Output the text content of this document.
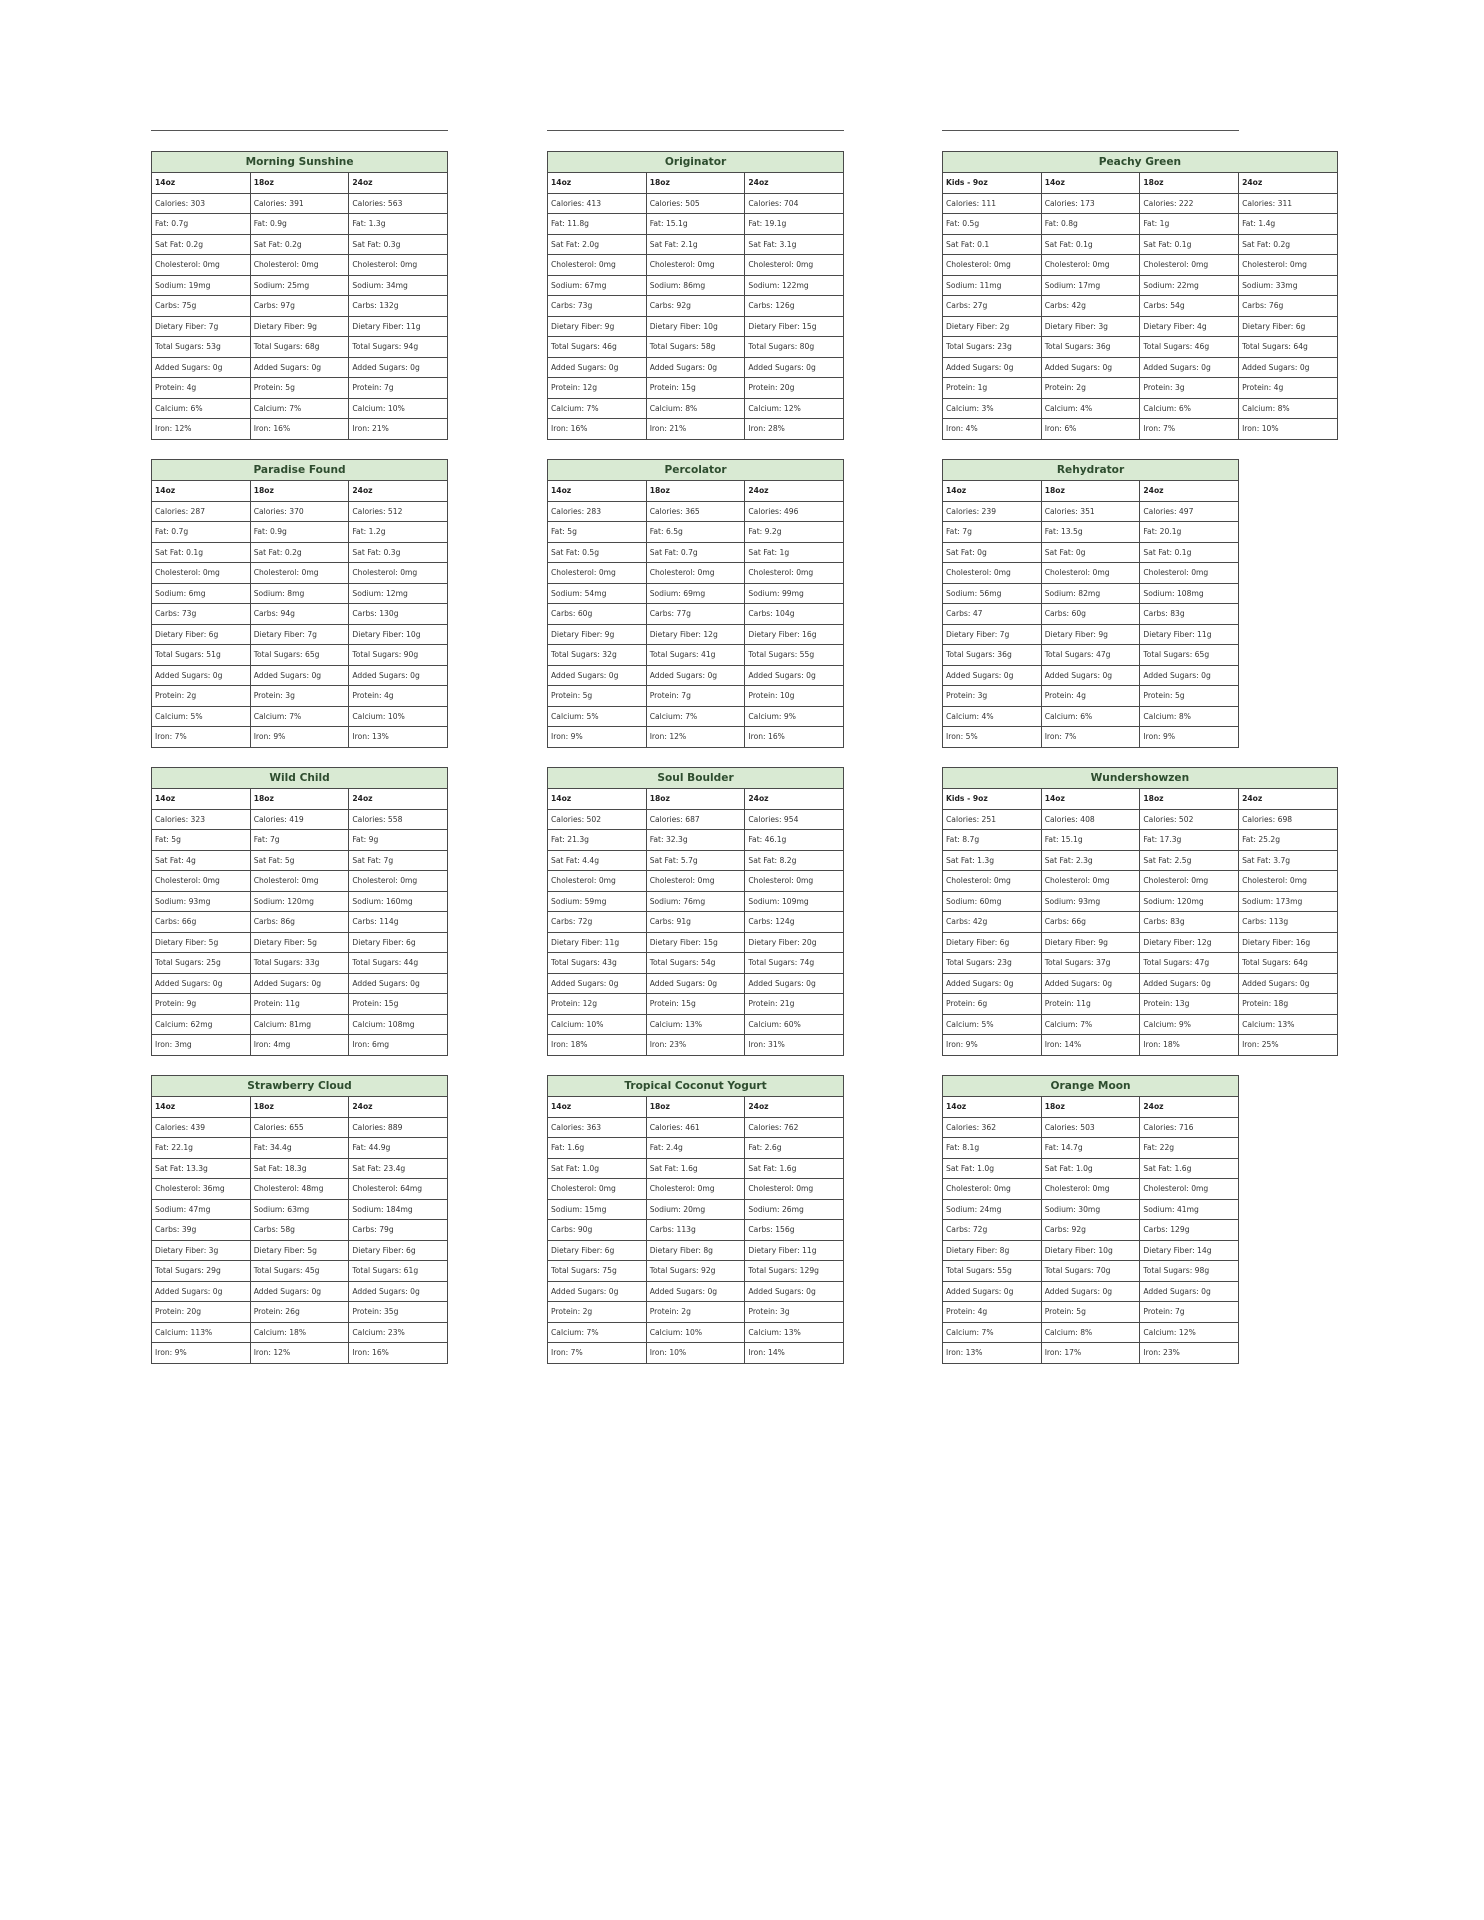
Morning Sunshine		
14oz	18oz	24oz
Calories: 303	Calories: 391	Calories: 563
Fat: 0.7g	Fat: 0.9g	Fat: 1.3g
Sat Fat: 0.2g	Sat Fat: 0.2g	Sat Fat: 0.3g
Cholesterol: 0mg	Cholesterol: 0mg	Cholesterol: 0mg
Sodium: 19mg	Sodium: 25mg	Sodium: 34mg
Carbs: 75g	Carbs: 97g	Carbs: 132g
Dietary Fiber: 7g	Dietary Fiber: 9g	Dietary Fiber: 11g
Total Sugars: 53g	Total Sugars: 68g	Total Sugars: 94g
Added Sugars: 0g	Added Sugars: 0g	Added Sugars: 0g
Protein: 4g	Protein: 5g	Protein: 7g
Calcium: 6%	Calcium: 7%	Calcium: 10%
Iron: 12%	Iron: 16%	Iron: 21%
Originator		
14oz	18oz	24oz
Calories: 413	Calories: 505	Calories: 704
Fat: 11.8g	Fat: 15.1g	Fat: 19.1g
Sat Fat: 2.0g	Sat Fat: 2.1g	Sat Fat: 3.1g
Cholesterol: 0mg	Cholesterol: 0mg	Cholesterol: 0mg
Sodium: 67mg	Sodium: 86mg	Sodium: 122mg
Carbs: 73g	Carbs: 92g	Carbs: 126g
Dietary Fiber: 9g	Dietary Fiber: 10g	Dietary Fiber: 15g
Total Sugars: 46g	Total Sugars: 58g	Total Sugars: 80g
Added Sugars: 0g	Added Sugars: 0g	Added Sugars: 0g
Protein: 12g	Protein: 15g	Protein: 20g
Calcium: 7%	Calcium: 8%	Calcium: 12%
Iron: 16%	Iron: 21%	Iron: 28%
Peachy Green			
Kids - 9oz	14oz	18oz	24oz
Calories: 111	Calories: 173	Calories: 222	Calories: 311
Fat: 0.5g	Fat: 0.8g	Fat: 1g	Fat: 1.4g
Sat Fat: 0.1	Sat Fat: 0.1g	Sat Fat: 0.1g	Sat Fat: 0.2g
Cholesterol: 0mg	Cholesterol: 0mg	Cholesterol: 0mg	Cholesterol: 0mg
Sodium: 11mg	Sodium: 17mg	Sodium: 22mg	Sodium: 33mg
Carbs: 27g	Carbs: 42g	Carbs: 54g	Carbs: 76g
Dietary Fiber: 2g	Dietary Fiber: 3g	Dietary Fiber: 4g	Dietary Fiber: 6g
Total Sugars: 23g	Total Sugars: 36g	Total Sugars: 46g	Total Sugars: 64g
Added Sugars: 0g	Added Sugars: 0g	Added Sugars: 0g	Added Sugars: 0g
Protein: 1g	Protein: 2g	Protein: 3g	Protein: 4g
Calcium: 3%	Calcium: 4%	Calcium: 6%	Calcium: 8%
Iron: 4%	Iron: 6%	Iron: 7%	Iron: 10%
Paradise Found		
14oz	18oz	24oz
Calories: 287	Calories: 370	Calories: 512
Fat: 0.7g	Fat: 0.9g	Fat: 1.2g
Sat Fat: 0.1g	Sat Fat: 0.2g	Sat Fat: 0.3g
Cholesterol: 0mg	Cholesterol: 0mg	Cholesterol: 0mg
Sodium: 6mg	Sodium: 8mg	Sodium: 12mg
Carbs: 73g	Carbs: 94g	Carbs: 130g
Dietary Fiber: 6g	Dietary Fiber: 7g	Dietary Fiber: 10g
Total Sugars: 51g	Total Sugars: 65g	Total Sugars: 90g
Added Sugars: 0g	Added Sugars: 0g	Added Sugars: 0g
Protein: 2g	Protein: 3g	Protein: 4g
Calcium: 5%	Calcium: 7%	Calcium: 10%
Iron: 7%	Iron: 9%	Iron: 13%
Percolator		
14oz	18oz	24oz
Calories: 283	Calories: 365	Calories: 496
Fat: 5g	Fat: 6.5g	Fat: 9.2g
Sat Fat: 0.5g	Sat Fat: 0.7g	Sat Fat: 1g
Cholesterol: 0mg	Cholesterol: 0mg	Cholesterol: 0mg
Sodium: 54mg	Sodium: 69mg	Sodium: 99mg
Carbs: 60g	Carbs: 77g	Carbs: 104g
Dietary Fiber: 9g	Dietary Fiber: 12g	Dietary Fiber: 16g
Total Sugars: 32g	Total Sugars: 41g	Total Sugars: 55g
Added Sugars: 0g	Added Sugars: 0g	Added Sugars: 0g
Protein: 5g	Protein: 7g	Protein: 10g
Calcium: 5%	Calcium: 7%	Calcium: 9%
Iron: 9%	Iron: 12%	Iron: 16%
Rehydrator		
14oz	18oz	24oz
Calories: 239	Calories: 351	Calories: 497
Fat: 7g	Fat: 13.5g	Fat: 20.1g
Sat Fat: 0g	Sat Fat: 0g	Sat Fat: 0.1g
Cholesterol: 0mg	Cholesterol: 0mg	Cholesterol: 0mg
Sodium: 56mg	Sodium: 82mg	Sodium: 108mg
Carbs: 47	Carbs: 60g	Carbs: 83g
Dietary Fiber: 7g	Dietary Fiber: 9g	Dietary Fiber: 11g
Total Sugars: 36g	Total Sugars: 47g	Total Sugars: 65g
Added Sugars: 0g	Added Sugars: 0g	Added Sugars: 0g
Protein: 3g	Protein: 4g	Protein: 5g
Calcium: 4%	Calcium: 6%	Calcium: 8%
Iron: 5%	Iron: 7%	Iron: 9%
Wild Child		
14oz	18oz	24oz
Calories: 323	Calories: 419	Calories: 558
Fat: 5g	Fat: 7g	Fat: 9g
Sat Fat: 4g	Sat Fat: 5g	Sat Fat: 7g
Cholesterol: 0mg	Cholesterol: 0mg	Cholesterol: 0mg
Sodium: 93mg	Sodium: 120mg	Sodium: 160mg
Carbs: 66g	Carbs: 86g	Carbs: 114g
Dietary Fiber: 5g	Dietary Fiber: 5g	Dietary Fiber: 6g
Total Sugars: 25g	Total Sugars: 33g	Total Sugars: 44g
Added Sugars: 0g	Added Sugars: 0g	Added Sugars: 0g
Protein: 9g	Protein: 11g	Protein: 15g
Calcium: 62mg	Calcium: 81mg	Calcium: 108mg
Iron: 3mg	Iron: 4mg	Iron: 6mg
Soul Boulder		
14oz	18oz	24oz
Calories: 502	Calories: 687	Calories: 954
Fat: 21.3g	Fat: 32.3g	Fat: 46.1g
Sat Fat: 4.4g	Sat Fat: 5.7g	Sat Fat: 8.2g
Cholesterol: 0mg	Cholesterol: 0mg	Cholesterol: 0mg
Sodium: 59mg	Sodium: 76mg	Sodium: 109mg
Carbs: 72g	Carbs: 91g	Carbs: 124g
Dietary Fiber: 11g	Dietary Fiber: 15g	Dietary Fiber: 20g
Total Sugars: 43g	Total Sugars: 54g	Total Sugars: 74g
Added Sugars: 0g	Added Sugars: 0g	Added Sugars: 0g
Protein: 12g	Protein: 15g	Protein: 21g
Calcium: 10%	Calcium: 13%	Calcium: 60%
Iron: 18%	Iron: 23%	Iron: 31%
Wundershowzen			
Kids - 9oz	14oz	18oz	24oz
Calories: 251	Calories: 408	Calories: 502	Calories: 698
Fat: 8.7g	Fat: 15.1g	Fat: 17.3g	Fat: 25.2g
Sat Fat: 1.3g	Sat Fat: 2.3g	Sat Fat: 2.5g	Sat Fat: 3.7g
Cholesterol: 0mg	Cholesterol: 0mg	Cholesterol: 0mg	Cholesterol: 0mg
Sodium: 60mg	Sodium: 93mg	Sodium: 120mg	Sodium: 173mg
Carbs: 42g	Carbs: 66g	Carbs: 83g	Carbs: 113g
Dietary Fiber: 6g	Dietary Fiber: 9g	Dietary Fiber: 12g	Dietary Fiber: 16g
Total Sugars: 23g	Total Sugars: 37g	Total Sugars: 47g	Total Sugars: 64g
Added Sugars: 0g	Added Sugars: 0g	Added Sugars: 0g	Added Sugars: 0g
Protein: 6g	Protein: 11g	Protein: 13g	Protein: 18g
Calcium: 5%	Calcium: 7%	Calcium: 9%	Calcium: 13%
Iron: 9%	Iron: 14%	Iron: 18%	Iron: 25%
Strawberry Cloud		
14oz	18oz	24oz
Calories: 439	Calories: 655	Calories: 889
Fat: 22.1g	Fat: 34.4g	Fat: 44.9g
Sat Fat: 13.3g	Sat Fat: 18.3g	Sat Fat: 23.4g
Cholesterol: 36mg	Cholesterol: 48mg	Cholesterol: 64mg
Sodium: 47mg	Sodium: 63mg	Sodium: 184mg
Carbs: 39g	Carbs: 58g	Carbs: 79g
Dietary Fiber: 3g	Dietary Fiber: 5g	Dietary Fiber: 6g
Total Sugars: 29g	Total Sugars: 45g	Total Sugars: 61g
Added Sugars: 0g	Added Sugars: 0g	Added Sugars: 0g
Protein: 20g	Protein: 26g	Protein: 35g
Calcium: 113%	Calcium: 18%	Calcium: 23%
Iron: 9%	Iron: 12%	Iron: 16%
Tropical Coconut Yogurt		
14oz	18oz	24oz
Calories: 363	Calories: 461	Calories: 762
Fat: 1.6g	Fat: 2.4g	Fat: 2.6g
Sat Fat: 1.0g	Sat Fat: 1.6g	Sat Fat: 1.6g
Cholesterol: 0mg	Cholesterol: 0mg	Cholesterol: 0mg
Sodium: 15mg	Sodium: 20mg	Sodium: 26mg
Carbs: 90g	Carbs: 113g	Carbs: 156g
Dietary Fiber: 6g	Dietary Fiber: 8g	Dietary Fiber: 11g
Total Sugars: 75g	Total Sugars: 92g	Total Sugars: 129g
Added Sugars: 0g	Added Sugars: 0g	Added Sugars: 0g
Protein: 2g	Protein: 2g	Protein: 3g
Calcium: 7%	Calcium: 10%	Calcium: 13%
Iron: 7%	Iron: 10%	Iron: 14%
Orange Moon		
14oz	18oz	24oz
Calories: 362	Calories: 503	Calories: 716
Fat: 8.1g	Fat: 14.7g	Fat: 22g
Sat Fat: 1.0g	Sat Fat: 1.0g	Sat Fat: 1.6g
Cholesterol: 0mg	Cholesterol: 0mg	Cholesterol: 0mg
Sodium: 24mg	Sodium: 30mg	Sodium: 41mg
Carbs: 72g	Carbs: 92g	Carbs: 129g
Dietary Fiber: 8g	Dietary Fiber: 10g	Dietary Fiber: 14g
Total Sugars: 55g	Total Sugars: 70g	Total Sugars: 98g
Added Sugars: 0g	Added Sugars: 0g	Added Sugars: 0g
Protein: 4g	Protein: 5g	Protein: 7g
Calcium: 7%	Calcium: 8%	Calcium: 12%
Iron: 13%	Iron: 17%	Iron: 23%
